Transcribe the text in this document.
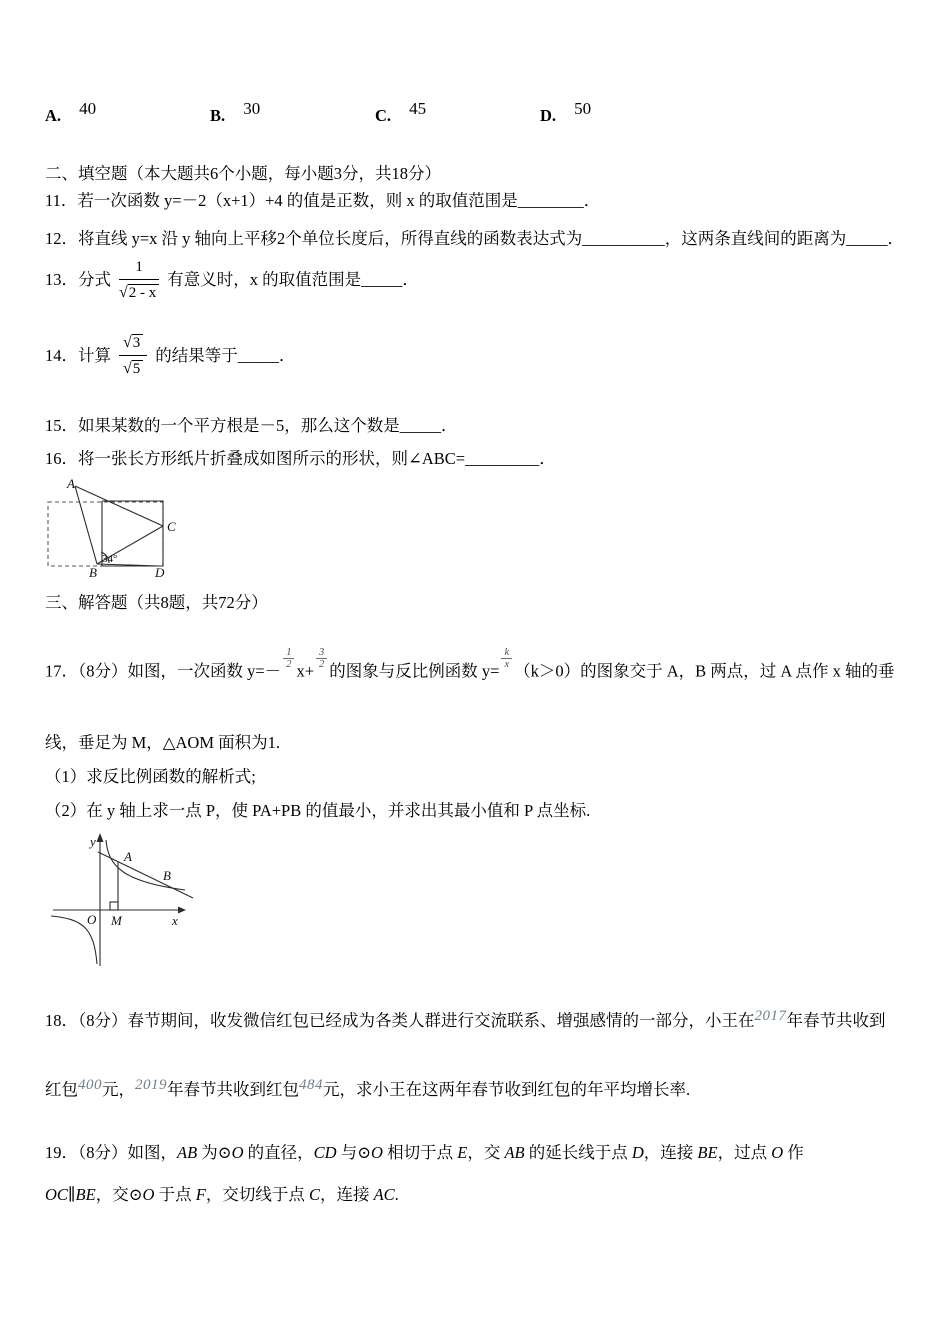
A. 40	B. 30	C. 45	D. 50

二、填空题（本大题共6个小题，每小题3分，共18分）

11．若一次函数 y=－2（x+1）+4 的值是正数，则 x 的取值范围是________．

12．将直线 y=x 沿 y 轴向上平移2个单位长度后，所得直线的函数表达式为__________，这两条直线间的距离为_____．

13．分式 $\frac{1}{√2 - x}$ 有意义时，x 的取值范围是_____．
14．计算 $\frac{√3}{√5}$ 的结果等于_____．

15．如果某数的一个平方根是－5，那么这个数是_____．

16．将一张长方形纸片折叠成如图所示的形状，则∠ABC=_________．

A
C
B	D
34°

三、解答题（共8题，共72分）

17．（8分）如图，一次函数 $y=- \frac{1}{2} x+ \frac{3}{2}$ 的图象与反比例函数 $y= \frac{k}{x} (k>0)$的图象交于 A，B 两点，过 A 点作 x 轴的垂

线，垂足为 M，△AOM 面积为1.

（1）求反比例函数的解析式;

（2）在 y 轴上求一点 P，使 PA+PB 的值最小，并求出其最小值和 P 点坐标.

y
A
B
O M	x

18．（8分）春节期间，收发微信红包已经成为各类人群进行交流联系、增强感情的一部分，小王在2017年春节共收到

红包400元，2019年春节共收到红包484元，求小王在这两年春节收到红包的年平均增长率.

19．（8分）如图，AB 为⊙O 的直径，CD 与⊙O 相切于点 E，交 AB 的延长线于点 D，连接 BE，过点 O 作

OC∥BE，交⊙O 于点 F，交切线于点 C，连接 AC.
